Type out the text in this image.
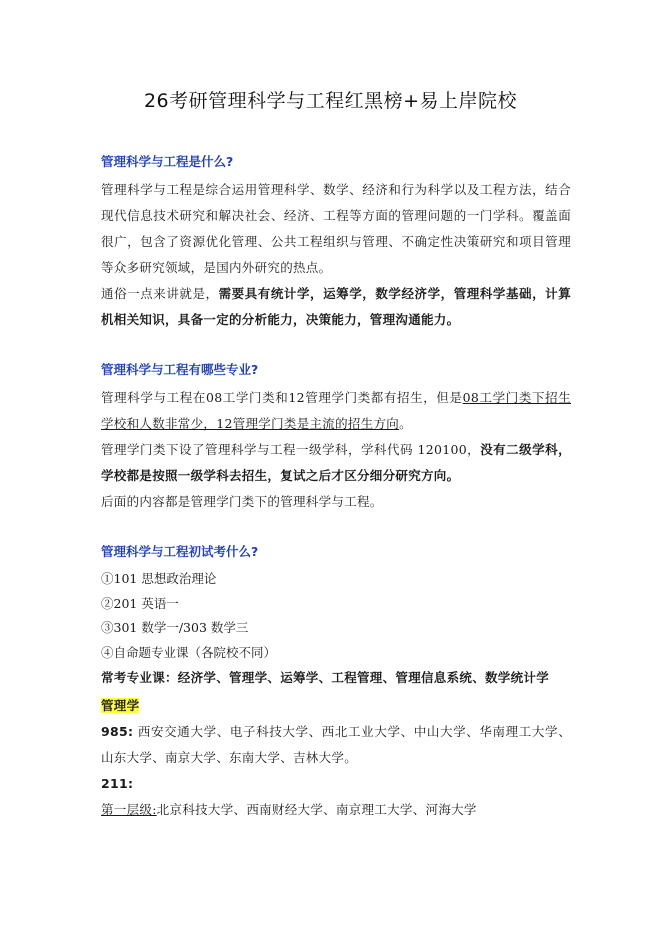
26考研管理科学与工程红黑榜+易上岸院校
管理科学与工程是什么?

管理科学与工程是综合运用管理科学、数学、经济和行为科学以及工程方法，结合现代信息技术研究和解决社会、经济、工程等方面的管理问题的一门学科。覆盖面很广，包含了资源优化管理、公共工程组织与管理、不确定性决策研究和项目管理等众多研究领域，是国内外研究的热点。

通俗一点来讲就是，需要具有统计学，运筹学，数学经济学，管理科学基础，计算机相关知识，具备一定的分析能力，决策能力，管理沟通能力。

管理科学与工程有哪些专业?

管理科学与工程在08工学门类和12管理学门类都有招生，但是08工学门类下招生学校和人数非常少，12管理学门类是主流的招生方向。

管理学门类下设了管理科学与工程一级学科，学科代码 120100，没有二级学科，学校都是按照一级学科去招生，复试之后才区分细分研究方向。

后面的内容都是管理学门类下的管理科学与工程。

管理科学与工程初试考什么?

①101 思想政治理论

②201 英语一

③301 数学一/303 数学三

④自命题专业课（各院校不同）

常考专业课：经济学、管理学、运筹学、工程管理、管理信息系统、数学统计学

管理学

985: 西安交通大学、电子科技大学、西北工业大学、中山大学、华南理工大学、山东大学、南京大学、东南大学、吉林大学。

211:

第一层级:北京科技大学、西南财经大学、南京理工大学、河海大学
